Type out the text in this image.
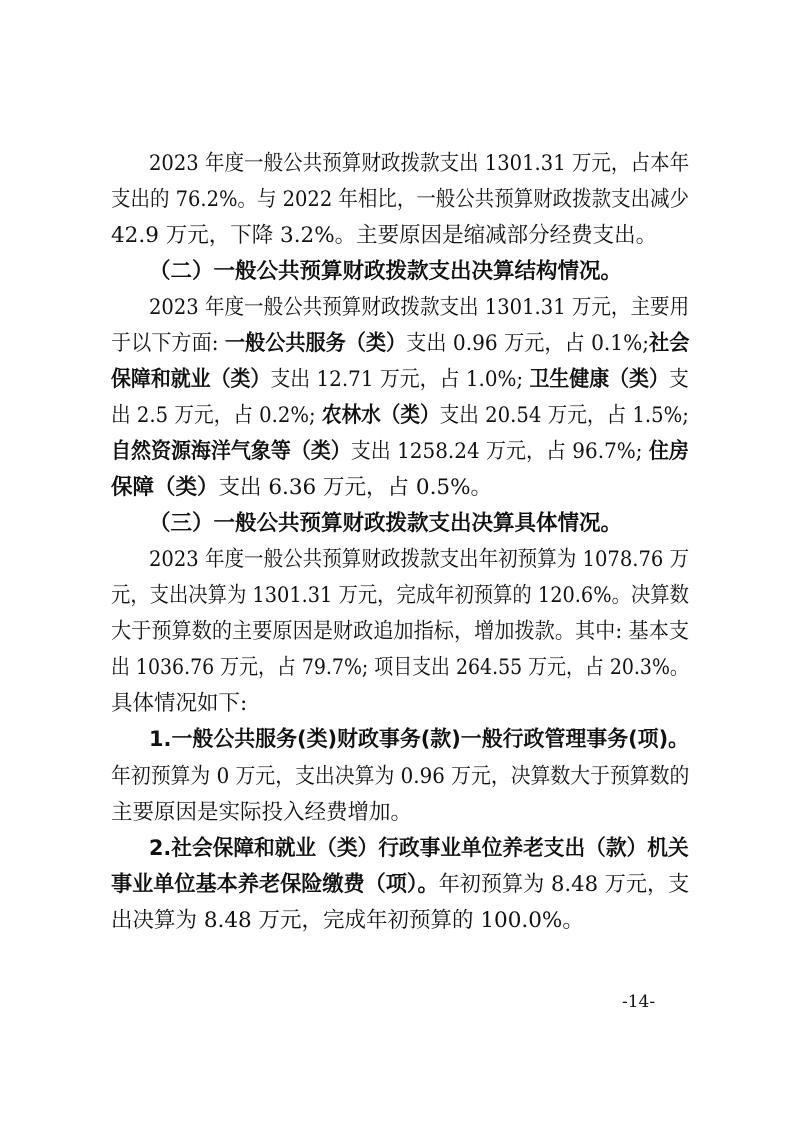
2023 年度一般公共预算财政拨款支出 1301.31 万元，占本年
支出的 76.2%。与 2022 年相比，一般公共预算财政拨款支出减少
42.9 万元，下降 3.2%。主要原因是缩减部分经费支出。
（二）一般公共预算财政拨款支出决算结构情况。
2023 年度一般公共预算财政拨款支出 1301.31 万元，主要用
于以下方面: 一般公共服务（类）支出 0.96 万元，占 0.1%;社会
保障和就业（类）支出 12.71 万元，占 1.0%; 卫生健康（类）支
出 2.5 万元，占 0.2%; 农林水（类）支出 20.54 万元，占 1.5%;
自然资源海洋气象等（类）支出 1258.24 万元，占 96.7%; 住房
保障（类）支出 6.36 万元，占 0.5%。
（三）一般公共预算财政拨款支出决算具体情况。
2023 年度一般公共预算财政拨款支出年初预算为 1078.76 万
元，支出决算为 1301.31 万元，完成年初预算的 120.6%。决算数
大于预算数的主要原因是财政追加指标，增加拨款。其中: 基本支
出 1036.76 万元，占 79.7%; 项目支出 264.55 万元，占 20.3%。
具体情况如下:
1.一般公共服务(类)财政事务(款)一般行政管理事务(项)。
年初预算为 0 万元，支出决算为 0.96 万元，决算数大于预算数的
主要原因是实际投入经费增加。
2.社会保障和就业（类）行政事业单位养老支出（款）机关
事业单位基本养老保险缴费（项）。年初预算为 8.48 万元，支
出决算为 8.48 万元，完成年初预算的 100.0%。
-14-
